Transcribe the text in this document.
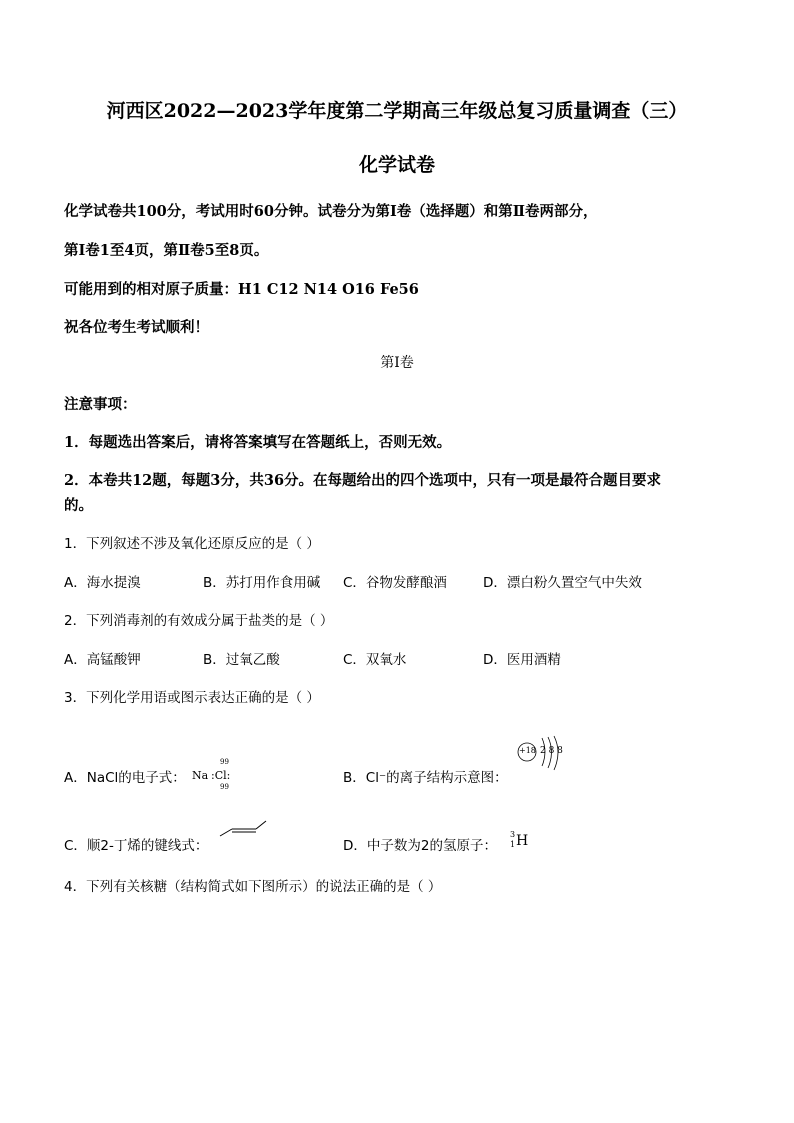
河西区2022—2023学年度第二学期高三年级总复习质量调查（三）
化学试卷
化学试卷共100分，考试用时60分钟。试卷分为第Ⅰ卷（选择题）和第Ⅱ卷两部分，
第Ⅰ卷1至4页，第Ⅱ卷5至8页。
可能用到的相对原子质量：H1 C12 N14 O16 Fe56
祝各位考生考试顺利！
第Ⅰ卷
注意事项：
1．每题选出答案后，请将答案填写在答题纸上，否则无效。
2．本卷共12题，每题3分，共36分。在每题给出的四个选项中，只有一项是最符合题目要求
的。
1．下列叙述不涉及氧化还原反应的是（ ）
A．海水提溴	B．苏打用作食用碱 C．谷物发酵酿酒	D．漂白粉久置空气中失效
2．下列消毒剂的有效成分属于盐类的是（ ）
A．高锰酸钾	B．过氧乙酸	C．双氧水	D．医用酒精
3．下列化学用语或图示表达正确的是（ ）
A．NaCl的电子式： Na
99
:Cl:
99
B．Cl⁻的离子结构示意图：
+18 2 8 8
C．顺2-丁烯的键线式：	D．中子数为2的氢原子：
3
1 H
4．下列有关核糖（结构简式如下图所示）的说法正确的是（ ）
